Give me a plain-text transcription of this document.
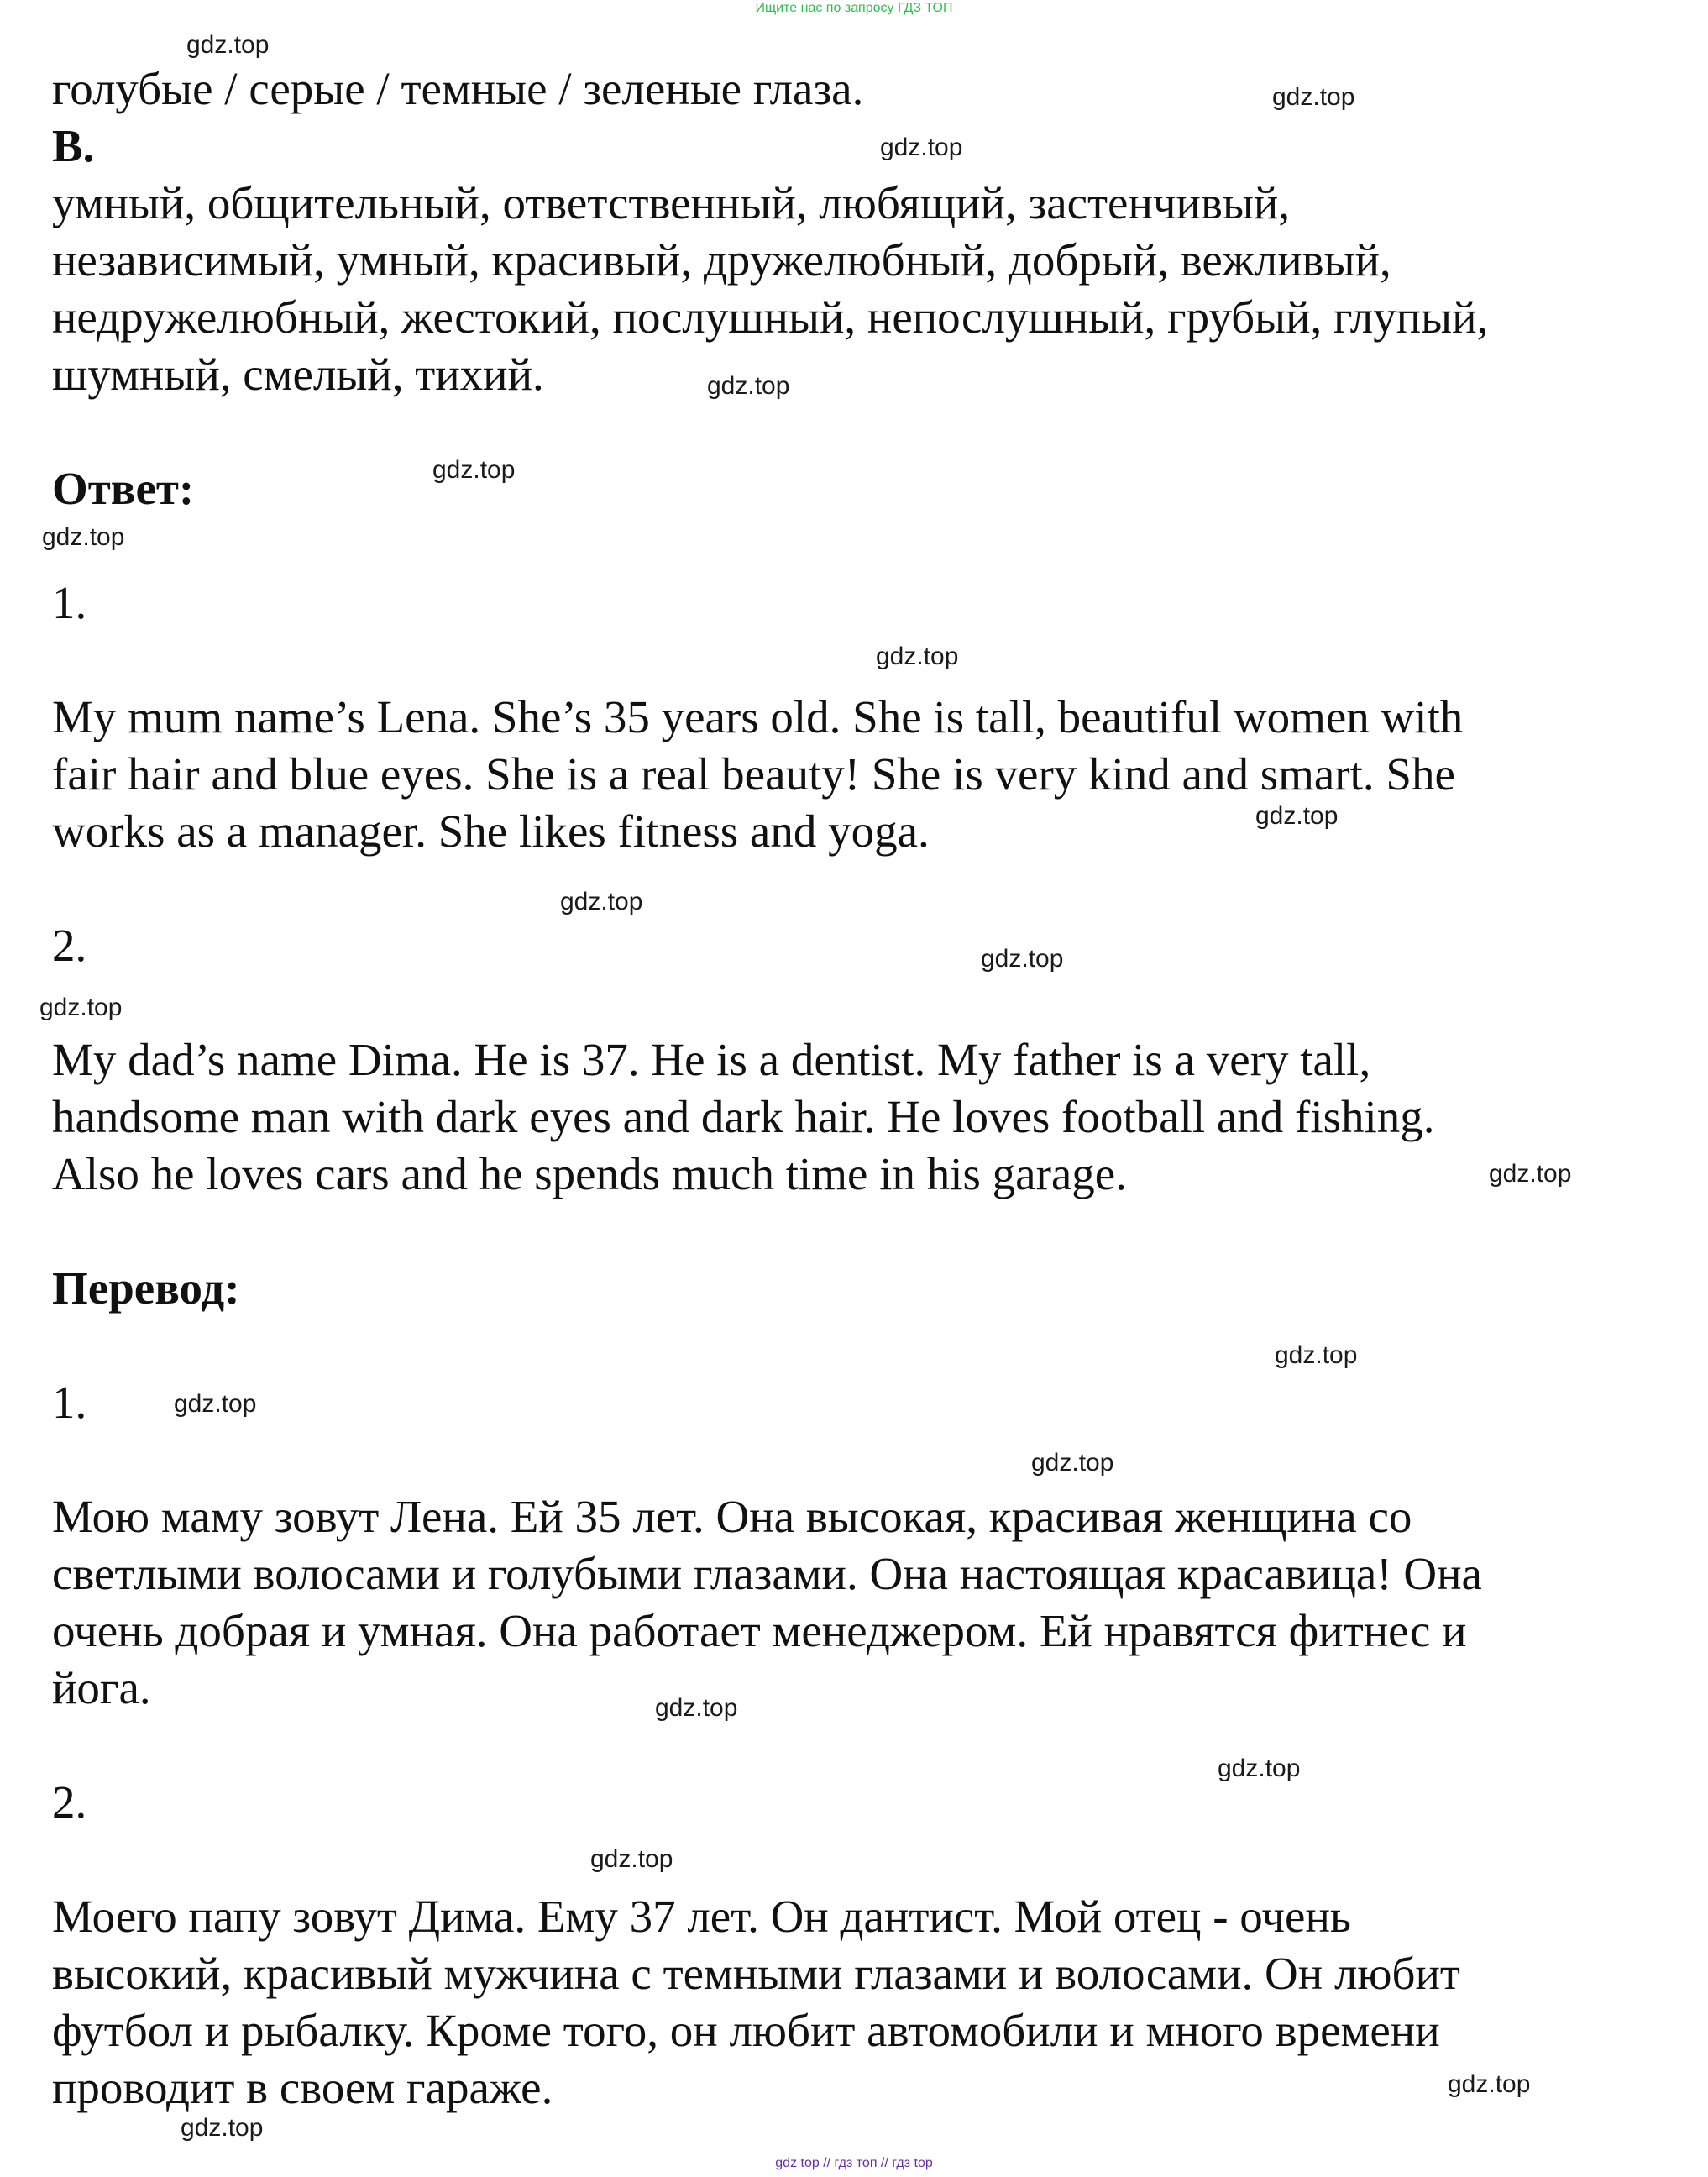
Ищите нас по запросу ГДЗ ТОП
голубые / серые / темные / зеленые глаза.
B.
умный, общительный, ответственный, любящий, застенчивый,
независимый, умный, красивый, дружелюбный, добрый, вежливый,
недружелюбный, жестокий, послушный, непослушный, грубый, глупый,
шумный, смелый, тихий.
Ответ:
1.
My mum name’s Lena. She’s 35 years old. She is tall, beautiful women with
fair hair and blue eyes. She is a real beauty! She is very kind and smart. She
works as a manager. She likes fitness and yoga.
2.
My dad’s name Dima. He is 37. He is a dentist. My father is a very tall,
handsome man with dark eyes and dark hair. He loves football and fishing.
Also he loves cars and he spends much time in his garage.
Перевод:
1.
Мою маму зовут Лена. Ей 35 лет. Она высокая, красивая женщина со
светлыми волосами и голубыми глазами. Она настоящая красавица! Она
очень добрая и умная. Она работает менеджером. Ей нравятся фитнес и
йога.
2.
Моего папу зовут Дима. Ему 37 лет. Он дантист. Мой отец - очень
высокий, красивый мужчина с темными глазами и волосами. Он любит
футбол и рыбалку. Кроме того, он любит автомобили и много времени
проводит в своем гараже.
gdz.top
gdz.top
gdz.top
gdz.top
gdz.top
gdz.top
gdz.top
gdz.top
gdz.top
gdz.top
gdz.top
gdz.top
gdz.top
gdz.top
gdz.top
gdz.top
gdz.top
gdz.top
gdz.top
gdz.top
gdz top // гдз топ // гдз top
